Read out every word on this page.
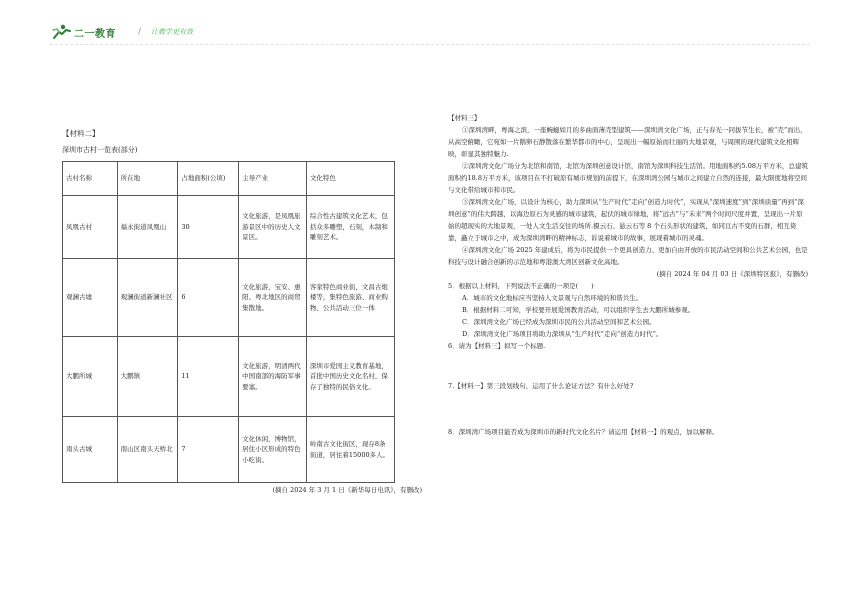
二一教育 / 让教学更有效
【材料二】
深圳市古村一览表(部分)
古村名称	所在地	占地面积(公顷)	主导产业	文化特色
凤凰古村	福永街道凤凰山	30	文化旅游，是凤凰旅游景区中的历史人文景区。	综合性古建筑文化艺术，包括众多雕塑，石刻，木制和雕刻艺术。
观澜古墟	观澜街道新澜社区	6	文化旅游，宝安、惠阳、粤北地区的商贸集散地。	客家特色商业街，文昌古炮楼等，集特色旅游、商业购物、公共活动三位一体
大鹏所城	大鹏镇	11	文化旅游，明清两代中国南部的海防军事要塞。	深圳市爱国主义教育基地，首批中国历史文化名村，保存了独特的民俗文化。
南头古城	南山区南头天桥北	7	文化休闲，博物馆，居住小区形成的特色小吃街。	岭南古文化街区，现存8条街道，居住着15000多人。
(摘自 2024 年 3 月 1 日《新华每日电讯》，有删改)

【材料三】

①深圳湾畔，粤海之滨，一座蜿蜒如月的多曲面薄壳型建筑——深圳湾文化广场，正与春光一同拔节生长，被“壳”而出，从高空俯瞰，它宛如一片鹅卵石静散落在繁华都市的中心，呈现出一幅原始而壮丽的大地景观，与周围的现代建筑文化相辉映，彰显其独特魅力.

②深圳湾文化广场分为北馆和南馆，北馆为深圳创意设计馆，南馆为深圳科技生活馆。用地面积约5.08万平方米，总建筑面积约18.8万平方米，该项目在不打破原有城市规划的前提下，在深圳湾公园与城市之间建立自然的连接，最大限度地将空间与文化带给城市和市民。

③深圳湾文化广场，以设计为核心，助力深圳从“生产时代”走向“创造力时代”，实现从“深圳速度”到“深圳质量”再到“深圳创意”的伟大跨越，以海边原石为灵感的城市建筑，起伏的城市绿地，将“远古”与“未来”两个时间尺度并置，呈现出一片原始的超现实的大地景观，一处人文生活交往的场所.摄云石、悬云石等 8 个石头形状的建筑，如同亘古不变的石群，相互倚靠，矗立于城市之中，成为深圳湾畔的精神标志，诉说着城市的故事，展现着城市的灵魂。

④深圳湾文化广场 2025 年建成后，将为市民提供一个更具创造力、更加自由开放的市民活动空间和公共艺术公园，也是科技与设计融合创新的示范地和粤港澳大湾区创新文化高地。

(摘自 2024 年 04 月 03 日《深圳特区报》，有删改)

5．根据以上材料，下列说法不正确的一项是(　　)

A．城市的文化地标应当坚持人文景观与自然环境的和谐共生。

B．根据材料二可知，学校要开展爱国教育活动，可以组织学生去大鹏所城参观。

C．深圳湾文化广场已经成为深圳市民的公共活动空间和艺术公园。

D．深圳湾文化广场项目将助力深圳从“生产时代”走向“创造力时代”。

6．请为【材料三】拟写一个标题.

7.【材料一】第三段划线句，运用了什么论证方法？有什么好处?

8．深圳湾广场项目能否成为深圳市的新时代文化名片？请运用【材料一】的观点，加以解释。
